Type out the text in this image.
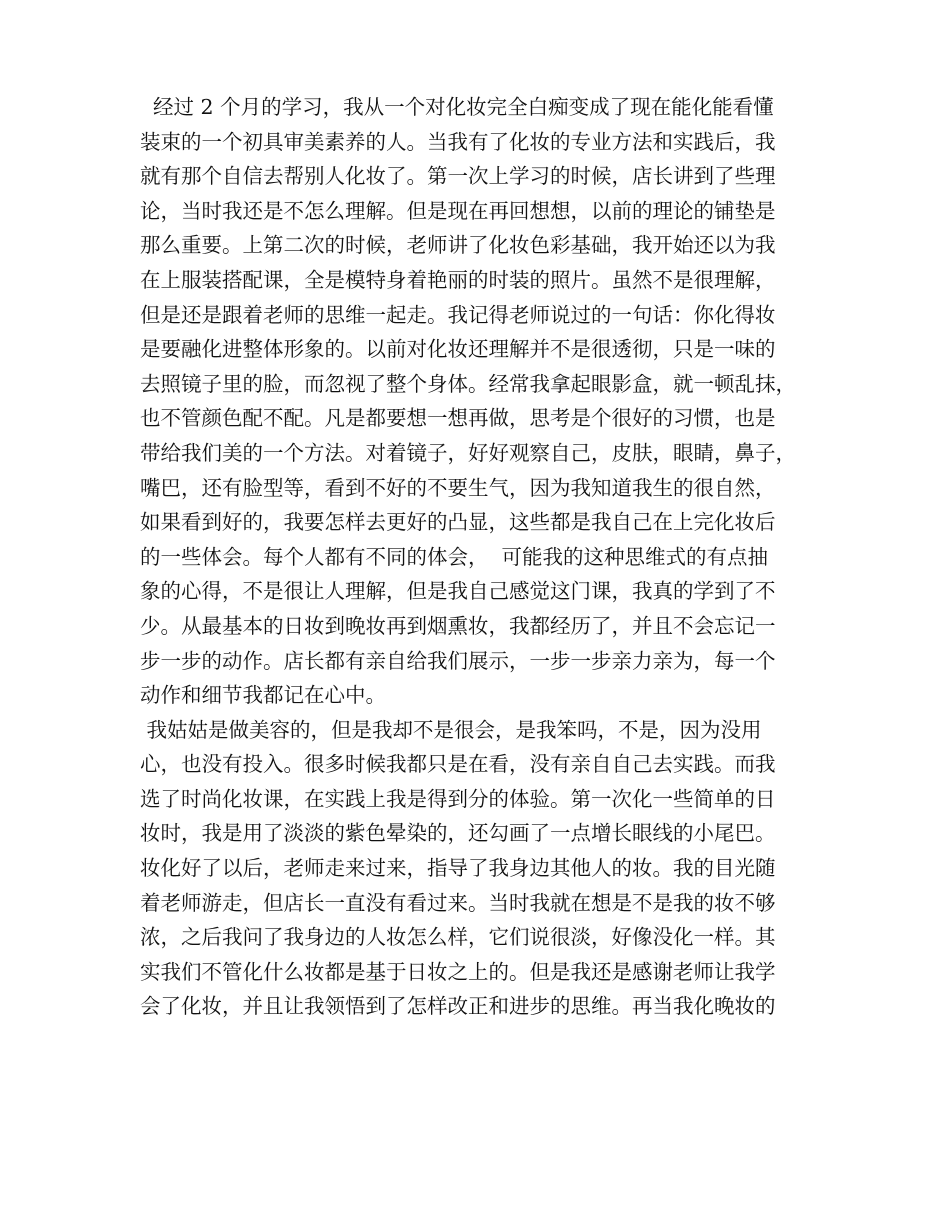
经过 2 个月的学习，我从一个对化妆完全白痴变成了现在能化能看懂
装束的一个初具审美素养的人。当我有了化妆的专业方法和实践后，我
就有那个自信去帮别人化妆了。第一次上学习的时候，店长讲到了些理
论，当时我还是不怎么理解。但是现在再回想想，以前的理论的铺垫是
那么重要。上第二次的时候，老师讲了化妆色彩基础，我开始还以为我
在上服装搭配课，全是模特身着艳丽的时装的照片。虽然不是很理解，
但是还是跟着老师的思维一起走。我记得老师说过的一句话：你化得妆
是要融化进整体形象的。以前对化妆还理解并不是很透彻，只是一味的
去照镜子里的脸，而忽视了整个身体。经常我拿起眼影盒，就一顿乱抹，
也不管颜色配不配。凡是都要想一想再做，思考是个很好的习惯，也是
带给我们美的一个方法。对着镜子，好好观察自己，皮肤，眼睛，鼻子，
嘴巴，还有脸型等，看到不好的不要生气，因为我知道我生的很自然，
如果看到好的，我要怎样去更好的凸显，这些都是我自己在上完化妆后
的一些体会。每个人都有不同的体会，  可能我的这种思维式的有点抽
象的心得，不是很让人理解，但是我自己感觉这门课，我真的学到了不
少。从最基本的日妆到晚妆再到烟熏妆，我都经历了，并且不会忘记一
步一步的动作。店长都有亲自给我们展示，一步一步亲力亲为，每一个
动作和细节我都记在心中。
我姑姑是做美容的，但是我却不是很会，是我笨吗，不是，因为没用
心，也没有投入。很多时候我都只是在看，没有亲自自己去实践。而我
选了时尚化妆课，在实践上我是得到分的体验。第一次化一些简单的日
妆时，我是用了淡淡的紫色晕染的，还勾画了一点增长眼线的小尾巴。
妆化好了以后，老师走来过来，指导了我身边其他人的妆。我的目光随
着老师游走，但店长一直没有看过来。当时我就在想是不是我的妆不够
浓，之后我问了我身边的人妆怎么样，它们说很淡，好像没化一样。其
实我们不管化什么妆都是基于日妆之上的。但是我还是感谢老师让我学
会了化妆，并且让我领悟到了怎样改正和进步的思维。再当我化晚妆的
